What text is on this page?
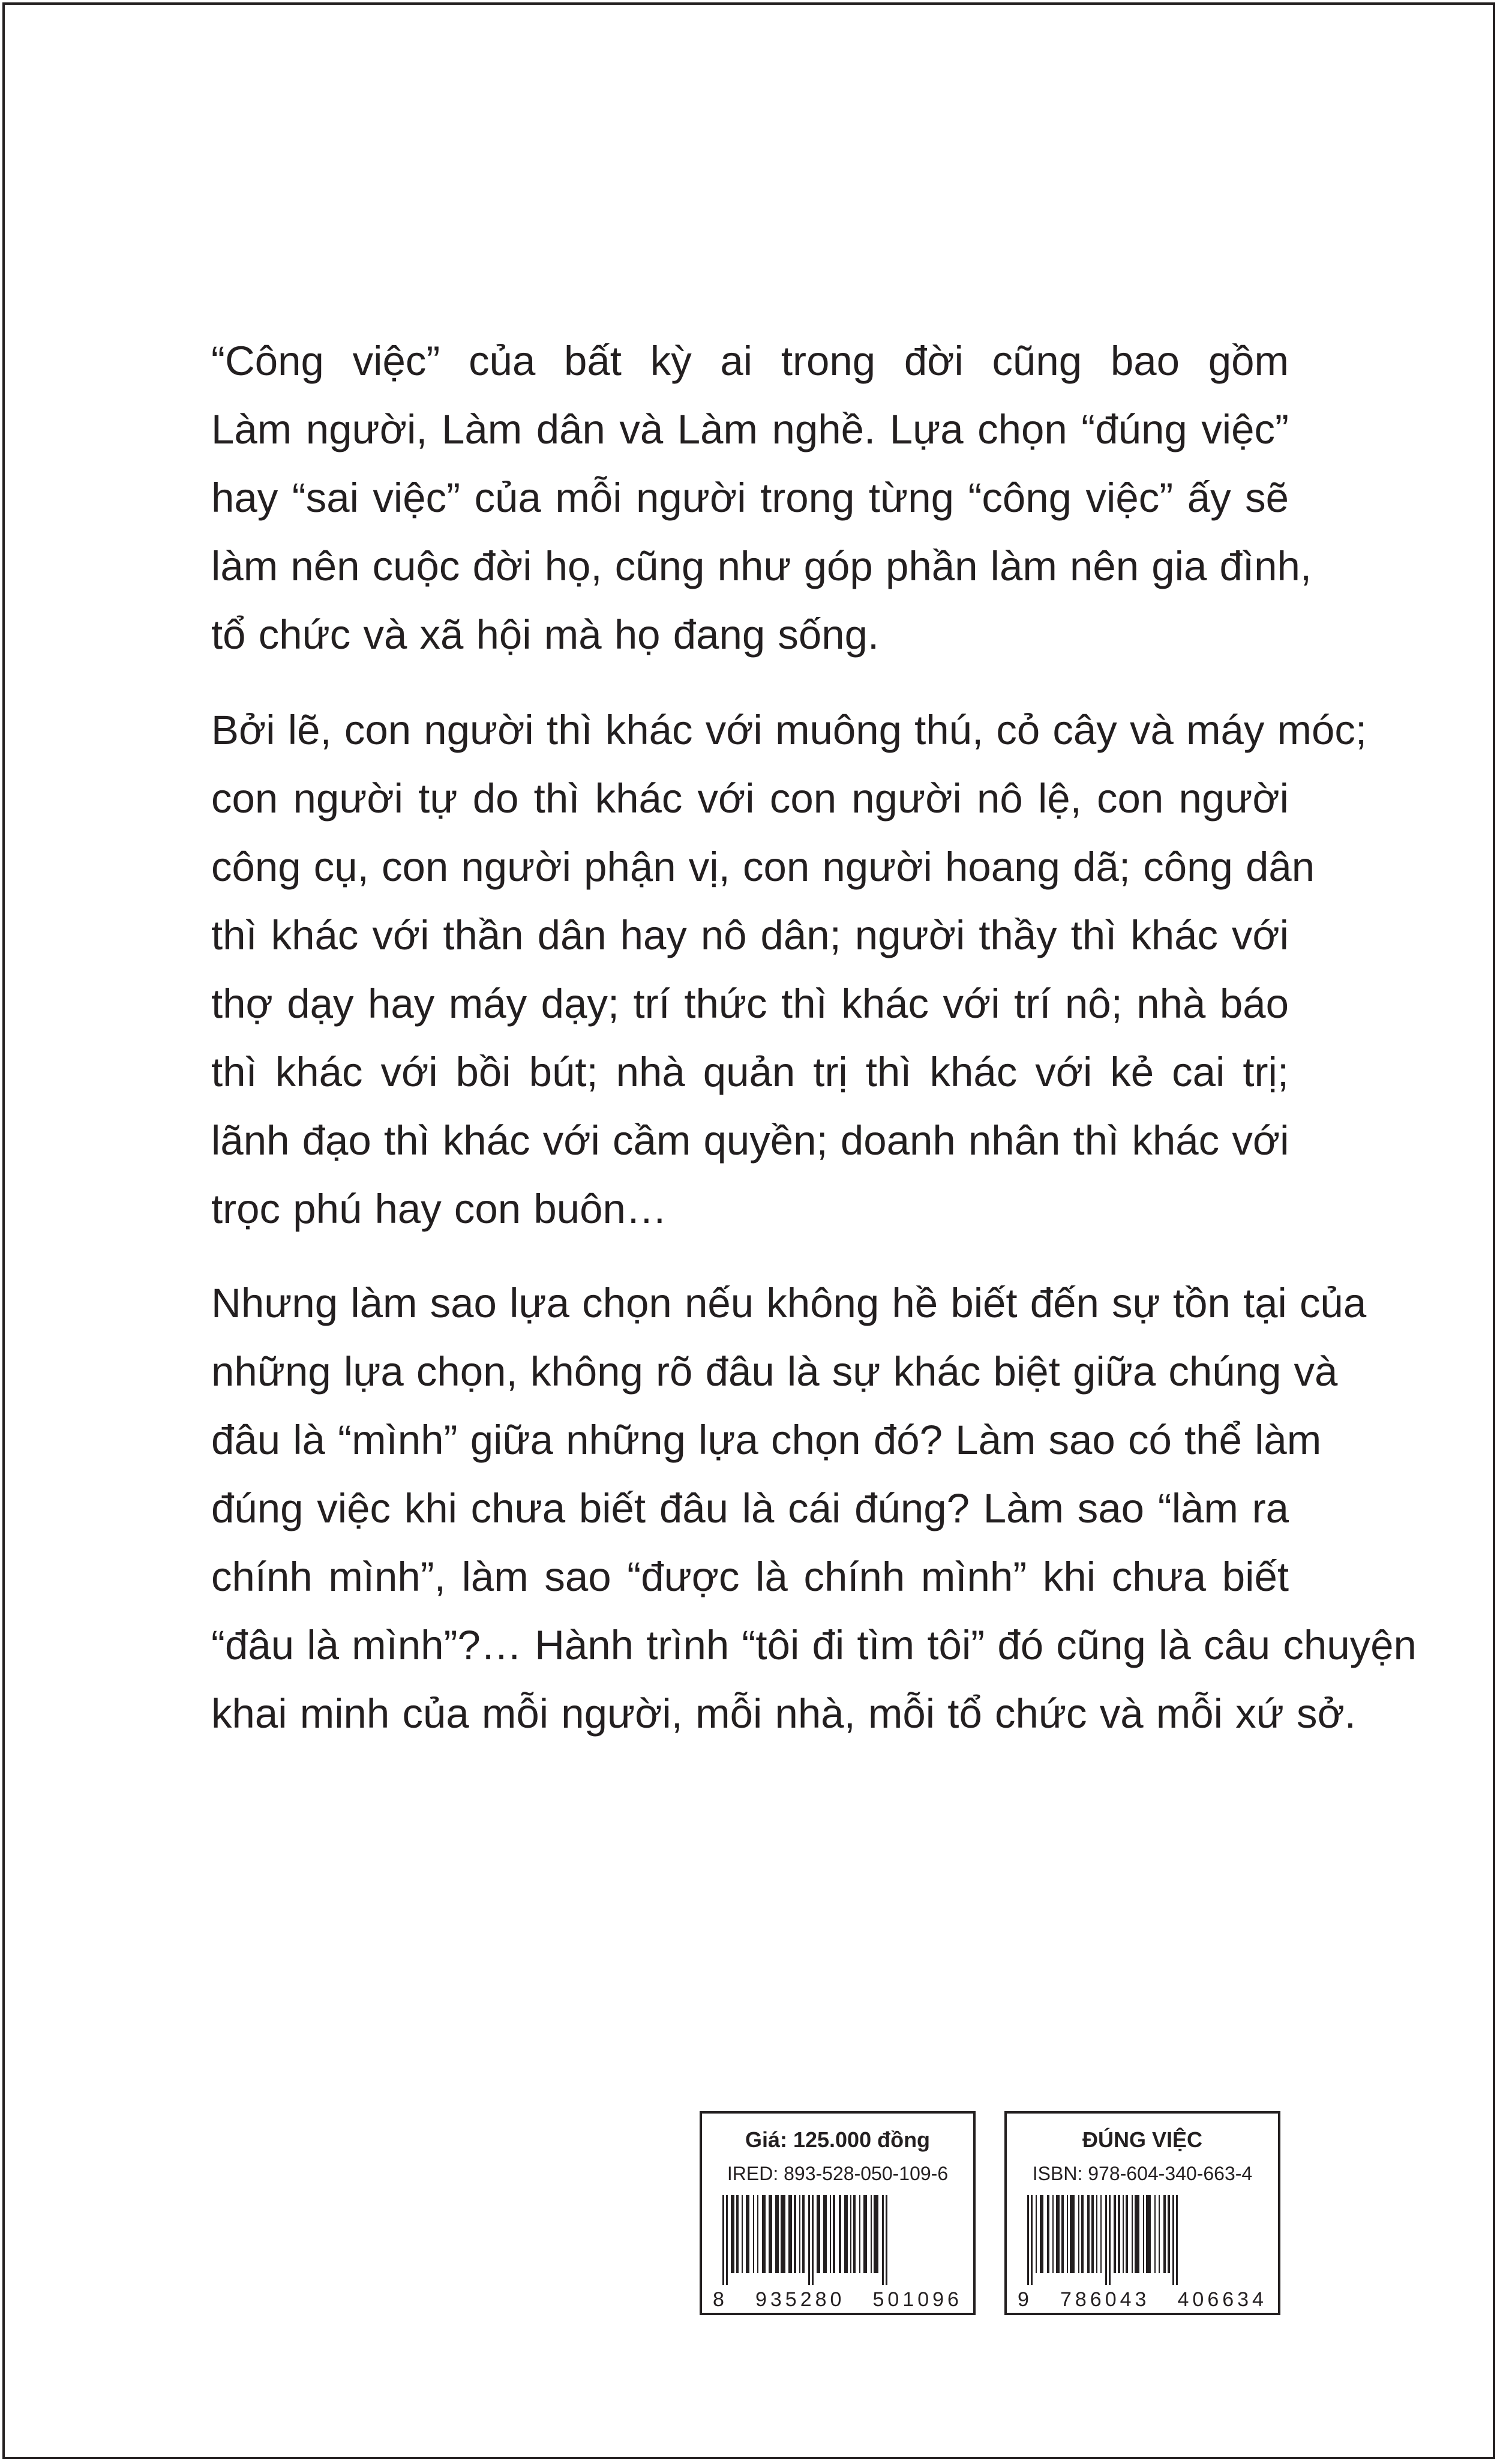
“Công việc” của bất kỳ ai trong đời cũng bao gồm
Làm người, Làm dân và Làm nghề. Lựa chọn “đúng việc”
hay “sai việc” của mỗi người trong từng “công việc” ấy sẽ
làm nên cuộc đời họ, cũng như góp phần làm nên gia đình,
tổ chức và xã hội mà họ đang sống.

Bởi lẽ, con người thì khác với muông thú, cỏ cây và máy móc;
con người tự do thì khác với con người nô lệ, con người
công cụ, con người phận vị, con người hoang dã; công dân
thì khác với thần dân hay nô dân; người thầy thì khác với
thợ dạy hay máy dạy; trí thức thì khác với trí nô; nhà báo
thì khác với bồi bút; nhà quản trị thì khác với kẻ cai trị;
lãnh đạo thì khác với cầm quyền; doanh nhân thì khác với
trọc phú hay con buôn…

Nhưng làm sao lựa chọn nếu không hề biết đến sự tồn tại của
những lựa chọn, không rõ đâu là sự khác biệt giữa chúng và
đâu là “mình” giữa những lựa chọn đó? Làm sao có thể làm
đúng việc khi chưa biết đâu là cái đúng? Làm sao “làm ra
chính mình”, làm sao “được là chính mình” khi chưa biết
“đâu là mình”?… Hành trình “tôi đi tìm tôi” đó cũng là câu chuyện
khai minh của mỗi người, mỗi nhà, mỗi tổ chức và mỗi xứ sở.

Giá: 125.000 đồng
IRED: 893-528-050-109-6
8 935280 501096
ĐÚNG VIỆC
ISBN: 978-604-340-663-4
9 786043 406634
